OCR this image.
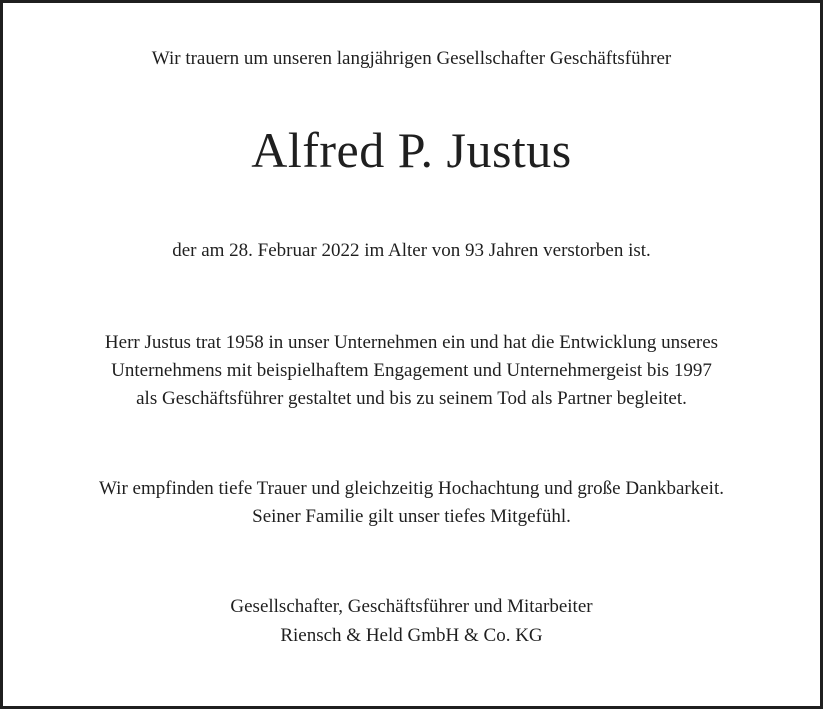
Wir trauern um unseren langjährigen Gesellschafter Geschäftsführer
Alfred P. Justus
der am 28. Februar 2022 im Alter von 93 Jahren verstorben ist.
Herr Justus trat 1958 in unser Unternehmen ein und hat die Entwicklung unseres
Unternehmens mit beispielhaftem Engagement und Unternehmergeist bis 1997
als Geschäftsführer gestaltet und bis zu seinem Tod als Partner begleitet.
Wir empfinden tiefe Trauer und gleichzeitig Hochachtung und große Dankbarkeit.
Seiner Familie gilt unser tiefes Mitgefühl.
Gesellschafter, Geschäftsführer und Mitarbeiter
Riensch & Held GmbH & Co. KG
